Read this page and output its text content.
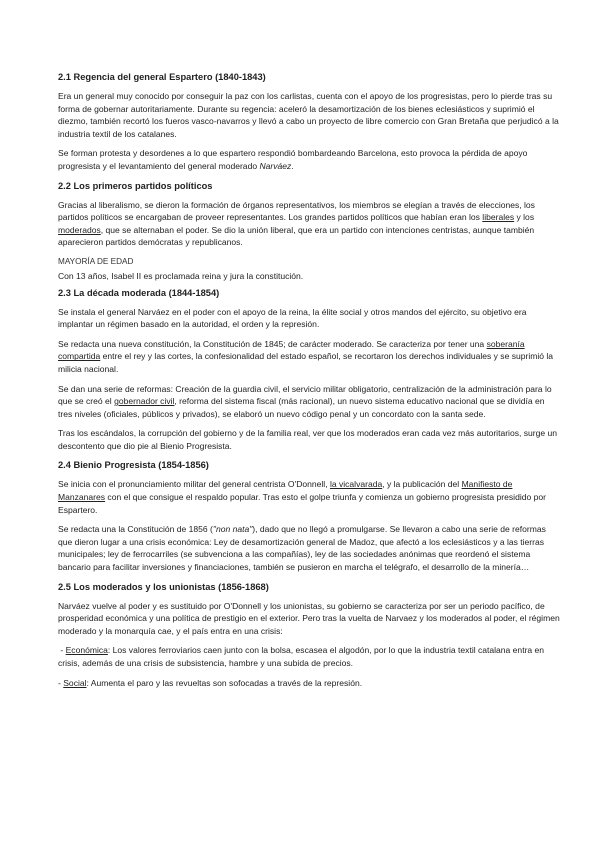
2.1 Regencia del general Espartero (1840-1843)
Era un general muy conocido por conseguir la paz con los carlistas, cuenta con el apoyo de los progresistas, pero lo pierde tras su forma de gobernar autoritariamente. Durante su regencia: aceleró la desamortización de los bienes eclesiásticos y suprimió el diezmo, también recortó los fueros vasco-navarros y llevó a cabo un proyecto de libre comercio con Gran Bretaña que perjudicó a la industria textil de los catalanes.
Se forman protesta y desordenes a lo que espartero respondió bombardeando Barcelona, esto provoca la pérdida de apoyo progresista y el levantamiento del general moderado Narváez.
2.2 Los primeros partidos políticos
Gracias al liberalismo, se dieron la formación de órganos representativos, los miembros se elegían a través de elecciones, los partidos políticos se encargaban de proveer representantes. Los grandes partidos políticos que habían eran los liberales y los moderados, que se alternaban el poder. Se dio la unión liberal, que era un partido con intenciones centristas, aunque también aparecieron partidos demócratas y republicanos.
MAYORÍA DE EDAD
Con 13 años, Isabel II es proclamada reina y jura la constitución.
2.3 La década moderada (1844-1854)
Se instala el general Narváez en el poder con el apoyo de la reina, la élite social y otros mandos del ejército, su objetivo era implantar un régimen basado en la autoridad, el orden y la represión.
Se redacta una nueva constitución, la Constitución de 1845; de carácter moderado. Se caracteriza por tener una soberanía compartida entre el rey y las cortes, la confesionalidad del estado español, se recortaron los derechos individuales y se suprimió la milicia nacional.
Se dan una serie de reformas: Creación de la guardia civil, el servicio militar obligatorio, centralización de la administración para lo que se creó el gobernador civil, reforma del sistema fiscal (más racional), un nuevo sistema educativo nacional que se dividía en tres niveles (oficiales, públicos y privados), se elaboró un nuevo código penal y un concordato con la santa sede.
Tras los escándalos, la corrupción del gobierno y de la familia real, ver que los moderados eran cada vez más autoritarios, surge un descontento que dio pie al Bienio Progresista.
2.4 Bienio Progresista (1854-1856)
Se inicia con el pronunciamiento militar del general centrista O'Donnell, la vicalvarada, y la publicación del Manifiesto de Manzanares con el que consigue el respaldo popular. Tras esto el golpe triunfa y comienza un gobierno progresista presidido por Espartero.
Se redacta una la Constitución de 1856 ("non nata"), dado que no llegó a promulgarse. Se llevaron a cabo una serie de reformas que dieron lugar a una crisis económica: Ley de desamortización general de Madoz, que afectó a los eclesiásticos y a las tierras municipales; ley de ferrocarriles (se subvenciona a las compañías), ley de las sociedades anónimas que reordenó el sistema bancario para facilitar inversiones y financiaciones, también se pusieron en marcha el telégrafo, el desarrollo de la minería…
2.5 Los moderados y los unionistas (1856-1868)
Narváez vuelve al poder y es sustituido por O'Donnell y los unionistas, su gobierno se caracteriza por ser un periodo pacífico, de prosperidad económica y una política de prestigio en el exterior. Pero tras la vuelta de Narvaez y los moderados al poder, el régimen moderado y la monarquía cae, y el país entra en una crisis:
- Económica: Los valores ferroviarios caen junto con la bolsa, escasea el algodón, por lo que la industria textil catalana entra en crisis, además de una crisis de subsistencia, hambre y una subida de precios.
- Social: Aumenta el paro y las revueltas son sofocadas a través de la represión.
